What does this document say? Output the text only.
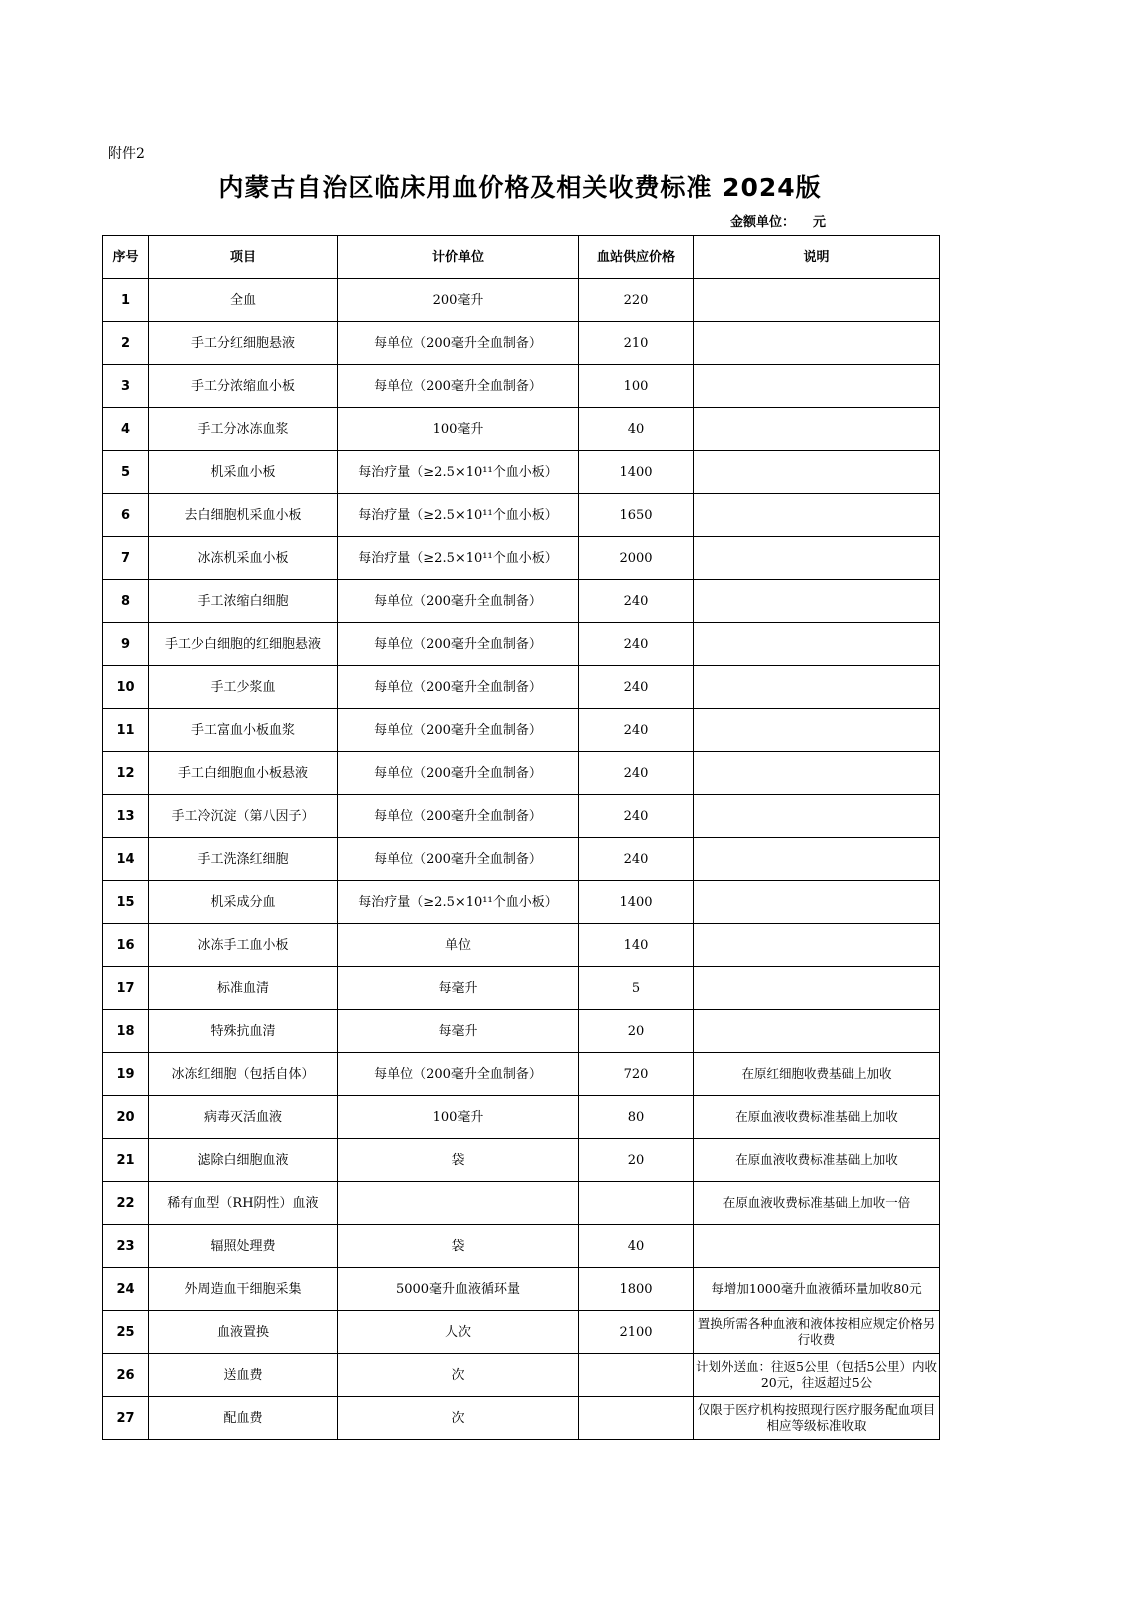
附件2
内蒙古自治区临床用血价格及相关收费标准 2024版
金额单位： 元
序号	项目	计价单位	血站供应价格	说明
1	全血	200毫升	220	

2	手工分红细胞悬液	每单位（200毫升全血制备）	210	

3	手工分浓缩血小板	每单位（200毫升全血制备）	100	

4	手工分冰冻血浆	100毫升	40	

5	机采血小板	每治疗量（≥2.5×10¹¹个血小板）	1400	

6	去白细胞机采血小板	每治疗量（≥2.5×10¹¹个血小板）	1650	

7	冰冻机采血小板	每治疗量（≥2.5×10¹¹个血小板）	2000	

8	手工浓缩白细胞	每单位（200毫升全血制备）	240	

9	手工少白细胞的红细胞悬液	每单位（200毫升全血制备）	240	

10	手工少浆血	每单位（200毫升全血制备）	240	

11	手工富血小板血浆	每单位（200毫升全血制备）	240	

12	手工白细胞血小板悬液	每单位（200毫升全血制备）	240	

13	手工冷沉淀（第八因子）	每单位（200毫升全血制备）	240	

14	手工洗涤红细胞	每单位（200毫升全血制备）	240	

15	机采成分血	每治疗量（≥2.5×10¹¹个血小板）	1400	

16	冰冻手工血小板	单位	140	

17	标准血清	每毫升	5	

18	特殊抗血清	每毫升	20	

19	冰冻红细胞（包括自体）	每单位（200毫升全血制备）	720	在原红细胞收费基础上加收

20	病毒灭活血液	100毫升	80	在原血液收费标准基础上加收

21	滤除白细胞血液	袋	20	在原血液收费标准基础上加收

22	稀有血型（RH阴性）血液			在原血液收费标准基础上加收一倍

23	辐照处理费	袋	40	

24	外周造血干细胞采集	5000毫升血液循环量	1800	每增加1000毫升血液循环量加收80元

25	血液置换	人次	2100	置换所需各种血液和液体按相应规定价格另行收费

26	送血费	次		计划外送血：往返5公里（包括5公里）内收20元，往返超过5公

27	配血费	次		仅限于医疗机构按照现行医疗服务配血项目相应等级标准收取
